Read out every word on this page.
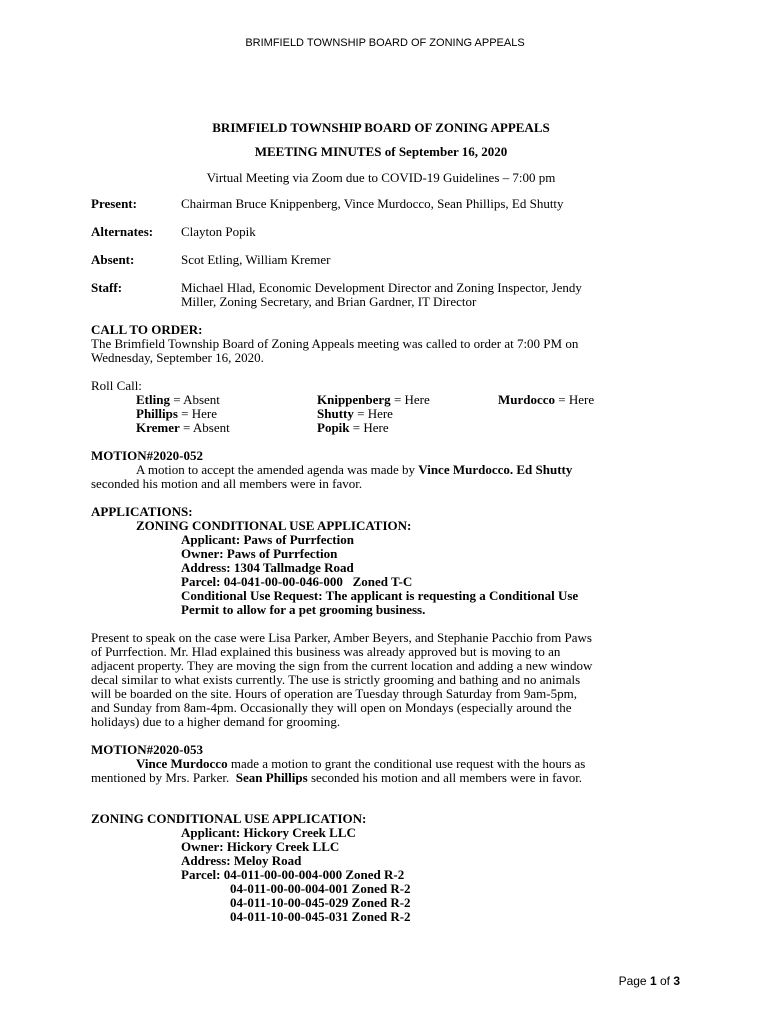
BRIMFIELD TOWNSHIP BOARD OF ZONING APPEALS
BRIMFIELD TOWNSHIP BOARD OF ZONING APPEALS
MEETING MINUTES of September 16, 2020
Virtual Meeting via Zoom due to COVID-19 Guidelines – 7:00 pm
Present:	Chairman Bruce Knippenberg, Vince Murdocco, Sean Phillips, Ed Shutty
Alternates:	Clayton Popik
Absent:	Scot Etling, William Kremer
Staff:	Michael Hlad, Economic Development Director and Zoning Inspector, Jendy
Miller, Zoning Secretary, and Brian Gardner, IT Director
CALL TO ORDER:
The Brimfield Township Board of Zoning Appeals meeting was called to order at 7:00 PM on
Wednesday, September 16, 2020.
Roll Call:
Etling = Absent	Knippenberg = Here	Murdocco = Here
Phillips = Here	Shutty = Here
Kremer = Absent	Popik = Here
MOTION#2020-052
A motion to accept the amended agenda was made by Vince Murdocco. Ed Shutty
seconded his motion and all members were in favor.
APPLICATIONS:
ZONING CONDITIONAL USE APPLICATION:
Applicant: Paws of Purrfection
Owner: Paws of Purrfection
Address: 1304 Tallmadge Road
Parcel: 04-041-00-00-046-000   Zoned T-C
Conditional Use Request: The applicant is requesting a Conditional Use
Permit to allow for a pet grooming business.
Present to speak on the case were Lisa Parker, Amber Beyers, and Stephanie Pacchio from Paws
of Purrfection. Mr. Hlad explained this business was already approved but is moving to an
adjacent property. They are moving the sign from the current location and adding a new window
decal similar to what exists currently. The use is strictly grooming and bathing and no animals
will be boarded on the site. Hours of operation are Tuesday through Saturday from 9am-5pm,
and Sunday from 8am-4pm. Occasionally they will open on Mondays (especially around the
holidays) due to a higher demand for grooming.
MOTION#2020-053
Vince Murdocco made a motion to grant the conditional use request with the hours as
mentioned by Mrs. Parker.  Sean Phillips seconded his motion and all members were in favor.
ZONING CONDITIONAL USE APPLICATION:
Applicant: Hickory Creek LLC
Owner: Hickory Creek LLC
Address: Meloy Road
Parcel: 04-011-00-00-004-000 Zoned R-2
04-011-00-00-004-001 Zoned R-2
04-011-10-00-045-029 Zoned R-2
04-011-10-00-045-031 Zoned R-2
Page 1 of 3
